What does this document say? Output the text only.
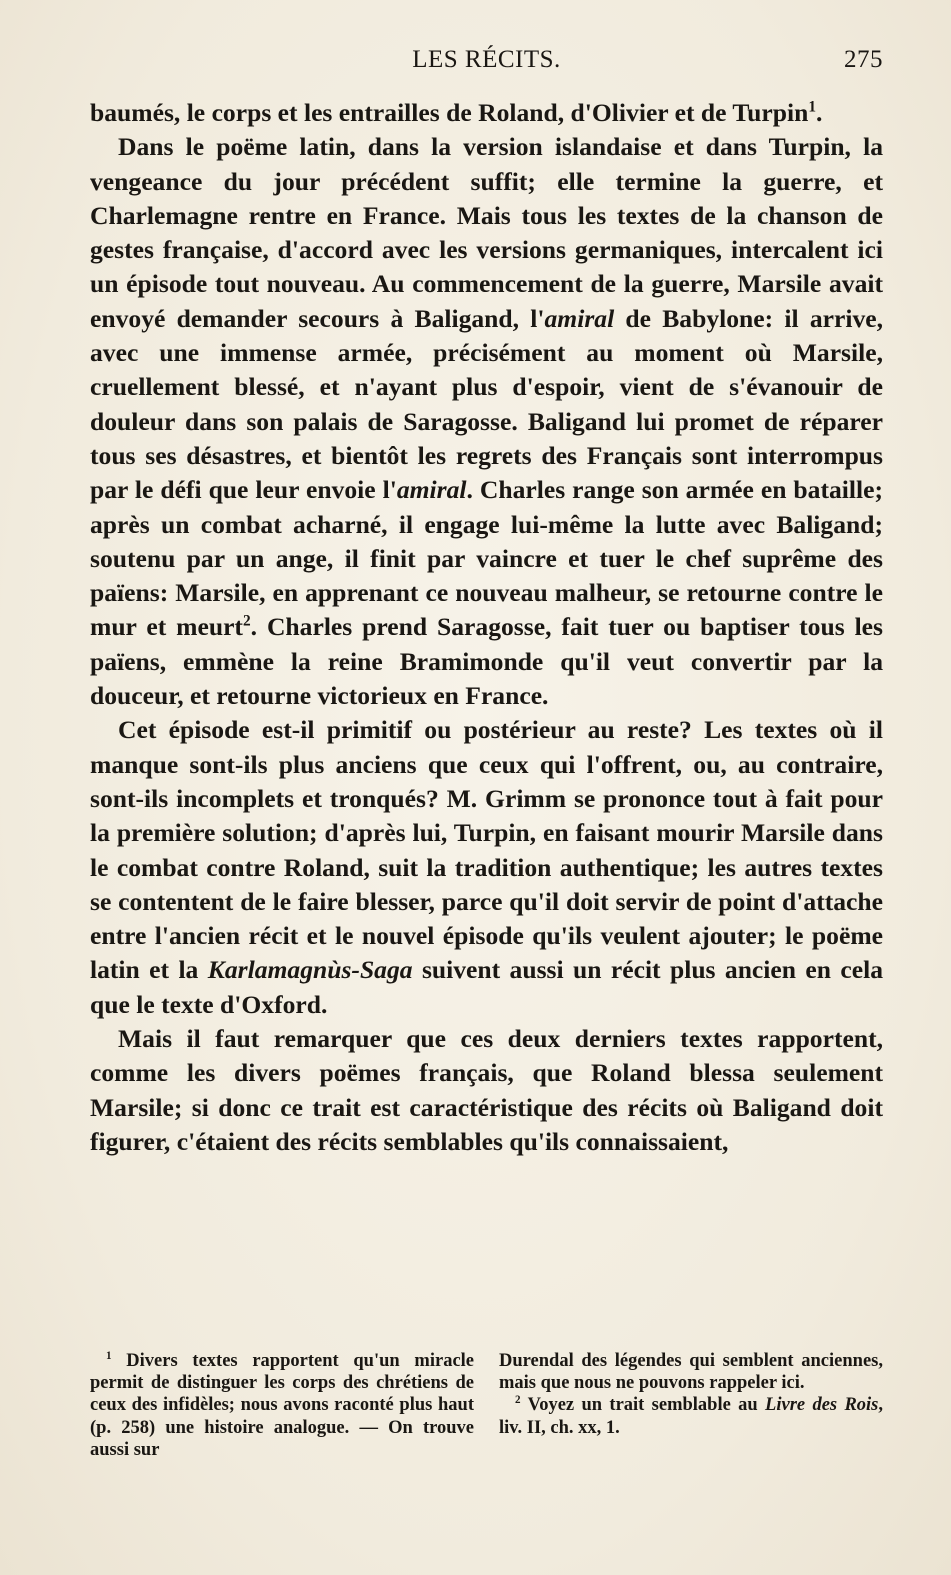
LES RÉCITS.	275

baumés, le corps et les entrailles de Roland, d'Olivier et de Turpin$^1$.

Dans le poëme latin, dans la version islandaise et dans Turpin, la vengeance du jour précédent suffit; elle termine la guerre, et Charlemagne rentre en France. Mais tous les textes de la chanson de gestes française, d'accord avec les versions germaniques, intercalent ici un épisode tout nouveau. Au commencement de la guerre, Marsile avait envoyé demander secours à Baligand, l'amiral de Babylone: il arrive, avec une immense armée, précisément au moment où Marsile, cruellement blessé, et n'ayant plus d'espoir, vient de s'évanouir de douleur dans son palais de Saragosse. Baligand lui promet de réparer tous ses désastres, et bientôt les regrets des Français sont interrompus par le défi que leur envoie l'amiral. Charles range son armée en bataille; après un combat acharné, il engage lui-même la lutte avec Baligand; soutenu par un ange, il finit par vaincre et tuer le chef suprême des païens: Marsile, en apprenant ce nouveau malheur, se retourne contre le mur et meurt$^2$. Charles prend Saragosse, fait tuer ou baptiser tous les païens, emmène la reine Bramimonde qu'il veut convertir par la douceur, et retourne victorieux en France.

Cet épisode est-il primitif ou postérieur au reste? Les textes où il manque sont-ils plus anciens que ceux qui l'offrent, ou, au contraire, sont-ils incomplets et tronqués? M. Grimm se prononce tout à fait pour la première solution; d'après lui, Turpin, en faisant mourir Marsile dans le combat contre Roland, suit la tradition authentique; les autres textes se contentent de le faire blesser, parce qu'il doit servir de point d'attache entre l'ancien récit et le nouvel épisode qu'ils veulent ajouter; le poëme latin et la Karlamagnùs-Saga suivent aussi un récit plus ancien en cela que le texte d'Oxford.

Mais il faut remarquer que ces deux derniers textes rapportent, comme les divers poëmes français, que Roland blessa seulement Marsile; si donc ce trait est caractéristique des récits où Baligand doit figurer, c'étaient des récits semblables qu'ils connaissaient,

$^1$ Divers textes rapportent qu'un miracle permit de distinguer les corps des chrétiens de ceux des infidèles; nous avons raconté plus haut (p. 258) une histoire analogue. — On trouve aussi sur

Durendal des légendes qui semblent anciennes, mais que nous ne pouvons rappeler ici.

$^2$ Voyez un trait semblable au Livre des Rois, liv. II, ch. xx, 1.
